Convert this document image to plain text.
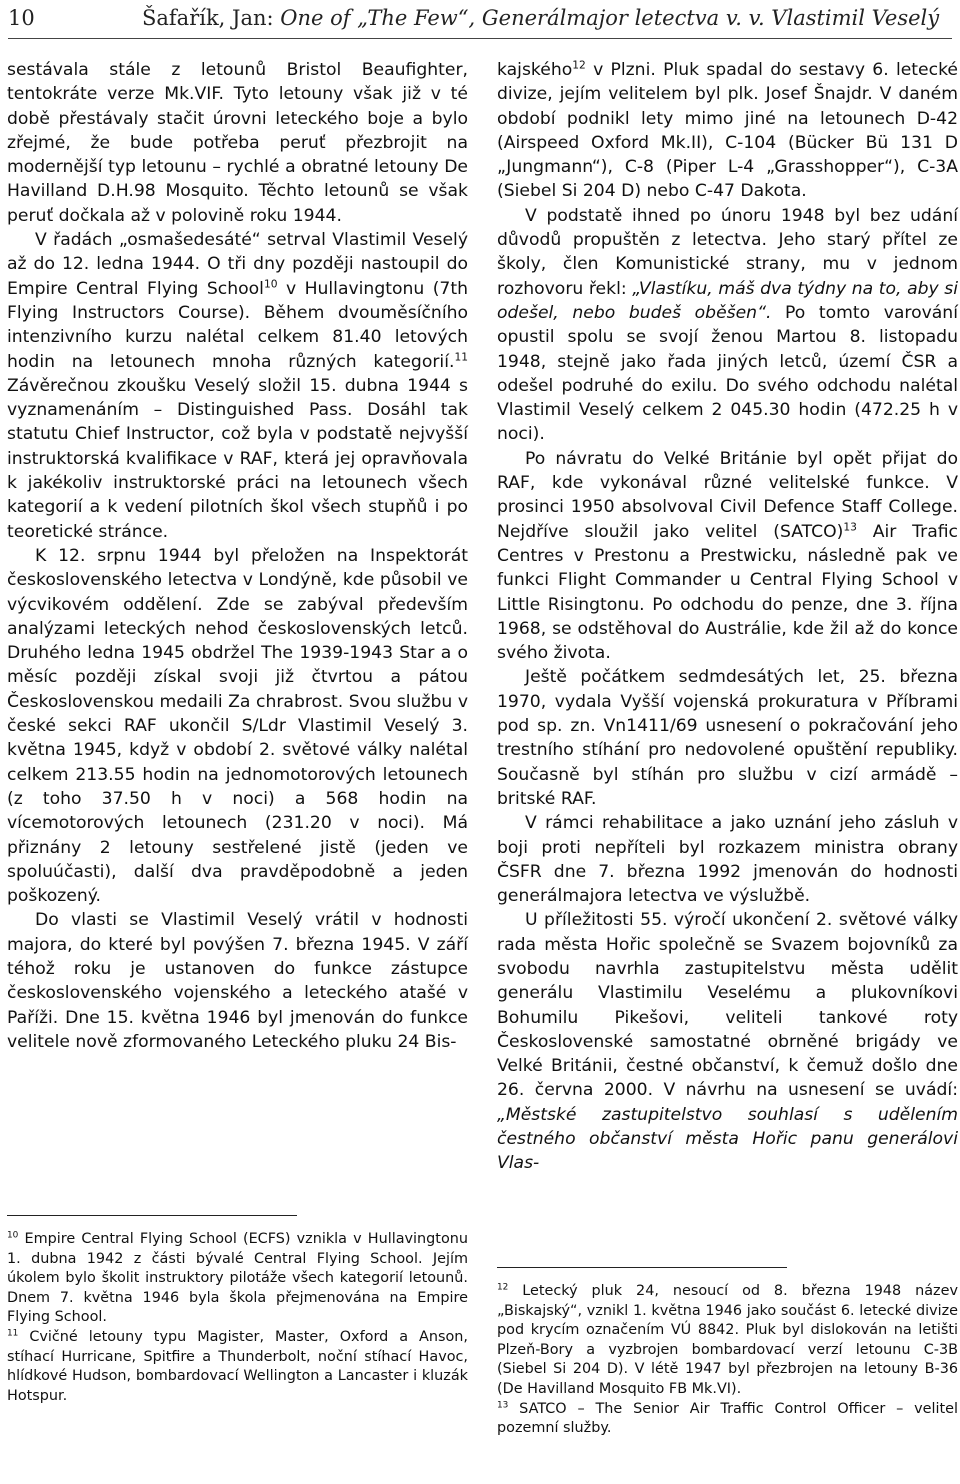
10	Šafařík, Jan: One of „The Few“, Generálmajor letectva v. v. Vlastimil Veselý

sestávala stále z letounů Bristol Beaufighter, tentokráte verze Mk.VIF. Tyto letouny však již v té době přestávaly stačit úrovni leteckého boje a bylo zřejmé, že bude potřeba peruť přezbrojit na modernější typ letounu – rychlé a obratné letouny De Havilland D.H.98 Mosquito. Těchto letounů se však peruť dočkala až v polovině roku 1944.

V řadách „osmašedesáté“ setrval Vlastimil Veselý až do 12. ledna 1944. O tři dny později nastoupil do Empire Central Flying School$^{10}$ v Hullavingtonu (7th Flying Instructors Course). Během dvouměsíčního intenzivního kurzu nalétal celkem 81.40 letových hodin na letounech mnoha různých kategorií.$^{11}$ Závěrečnou zkoušku Veselý složil 15. dubna 1944 s vyznamenáním – Distinguished Pass. Dosáhl tak statutu Chief Instructor, což byla v podstatě nejvyšší instruktorská kvalifikace v RAF, která jej opravňovala k jakékoliv instruktorské práci na letounech všech kategorií a k vedení pilotních škol všech stupňů i po teoretické stránce.

K 12. srpnu 1944 byl přeložen na Inspektorát československého letectva v Londýně, kde působil ve výcvikovém oddělení. Zde se zabýval především analýzami leteckých nehod československých letců. Druhého ledna 1945 obdržel The 1939-1943 Star a o měsíc později získal svoji již čtvrtou a pátou Československou medaili Za chrabrost. Svou službu v české sekci RAF ukončil S/Ldr Vlastimil Veselý 3. května 1945, když v období 2. světové války nalétal celkem 213.55 hodin na jednomotorových letounech (z toho 37.50 h v noci) a 568 hodin na vícemotorových letounech (231.20 v noci). Má přiznány 2 letouny sestřelené jistě (jeden ve spoluúčasti), další dva pravděpodobně a jeden poškozený.

Do vlasti se Vlastimil Veselý vrátil v hodnosti majora, do které byl povýšen 7. března 1945. V září téhož roku je ustanoven do funkce zástupce československého vojenského a leteckého atašé v Paříži. Dne 15. května 1946 byl jmenován do funkce velitele nově zformovaného Leteckého pluku 24 Bis-

$^{10}$ Empire Central Flying School (ECFS) vznikla v Hullavingtonu 1. dubna 1942 z části bývalé Central Flying School. Jejím úkolem bylo školit instruktory pilotáže všech kategorií letounů. Dnem 7. května 1946 byla škola přejmenována na Empire Flying School.

$^{11}$ Cvičné letouny typu Magister, Master, Oxford a Anson, stíhací Hurricane, Spitfire a Thunderbolt, noční stíhací Havoc, hlídkové Hudson, bombardovací Wellington a Lancaster i kluzák Hotspur.

kajského$^{12}$ v Plzni. Pluk spadal do sestavy 6. letecké divize, jejím velitelem byl plk. Josef Šnajdr. V daném období podnikl lety mimo jiné na letounech D-42 (Airspeed Oxford Mk.II), C-104 (Bücker Bü 131 D „Jungmann“), C-8 (Piper L-4 „Grasshopper“), C-3A (Siebel Si 204 D) nebo C-47 Dakota.

V podstatě ihned po únoru 1948 byl bez udání důvodů propuštěn z letectva. Jeho starý přítel ze školy, člen Komunistické strany, mu v jednom rozhovoru řekl: „Vlastíku, máš dva týdny na to, aby si odešel, nebo budeš oběšen“. Po tomto varování opustil spolu se svojí ženou Martou 8. listopadu 1948, stejně jako řada jiných letců, území ČSR a odešel podruhé do exilu. Do svého odchodu nalétal Vlastimil Veselý celkem 2 045.30 hodin (472.25 h v noci).

Po návratu do Velké Británie byl opět přijat do RAF, kde vykonával různé velitelské funkce. V prosinci 1950 absolvoval Civil Defence Staff College. Nejdříve sloužil jako velitel (SATCO)$^{13}$ Air Trafic Centres v Prestonu a Prestwicku, následně pak ve funkci Flight Commander u Central Flying School v Little Risingtonu. Po odchodu do penze, dne 3. října 1968, se odstěhoval do Austrálie, kde žil až do konce svého života.

Ještě počátkem sedmdesátých let, 25. března 1970, vydala Vyšší vojenská prokuratura v Příbrami pod sp. zn. Vn1411/69 usnesení o pokračování jeho trestního stíhání pro nedovolené opuštění republiky. Současně byl stíhán pro službu v cizí armádě – britské RAF.

V rámci rehabilitace a jako uznání jeho zásluh v boji proti nepříteli byl rozkazem ministra obrany ČSFR dne 7. března 1992 jmenován do hodnosti generálmajora letectva ve výslužbě.

U příležitosti 55. výročí ukončení 2. světové války rada města Hořic společně se Svazem bojovníků za svobodu navrhla zastupitelstvu města udělit generálu Vlastimilu Veselému a plukovníkovi Bohumilu Pikešovi, veliteli tankové roty Československé samostatné obrněné brigády ve Velké Británii, čestné občanství, k čemuž došlo dne 26. června 2000. V návrhu na usnesení se uvádí: „Městské zastupitelstvo souhlasí s udělením čestného občanství města Hořic panu generálovi Vlas-

$^{12}$ Letecký pluk 24, nesoucí od 8. března 1948 název „Biskajský“, vznikl 1. května 1946 jako součást 6. letecké divize pod krycím označením VÚ 8842. Pluk byl dislokován na letišti Plzeň-Bory a vyzbrojen bombardovací verzí letounu C-3B (Siebel Si 204 D). V létě 1947 byl přezbrojen na letouny B-36 (De Havilland Mosquito FB Mk.VI).

$^{13}$ SATCO – The Senior Air Traffic Control Officer – velitel pozemní služby.
